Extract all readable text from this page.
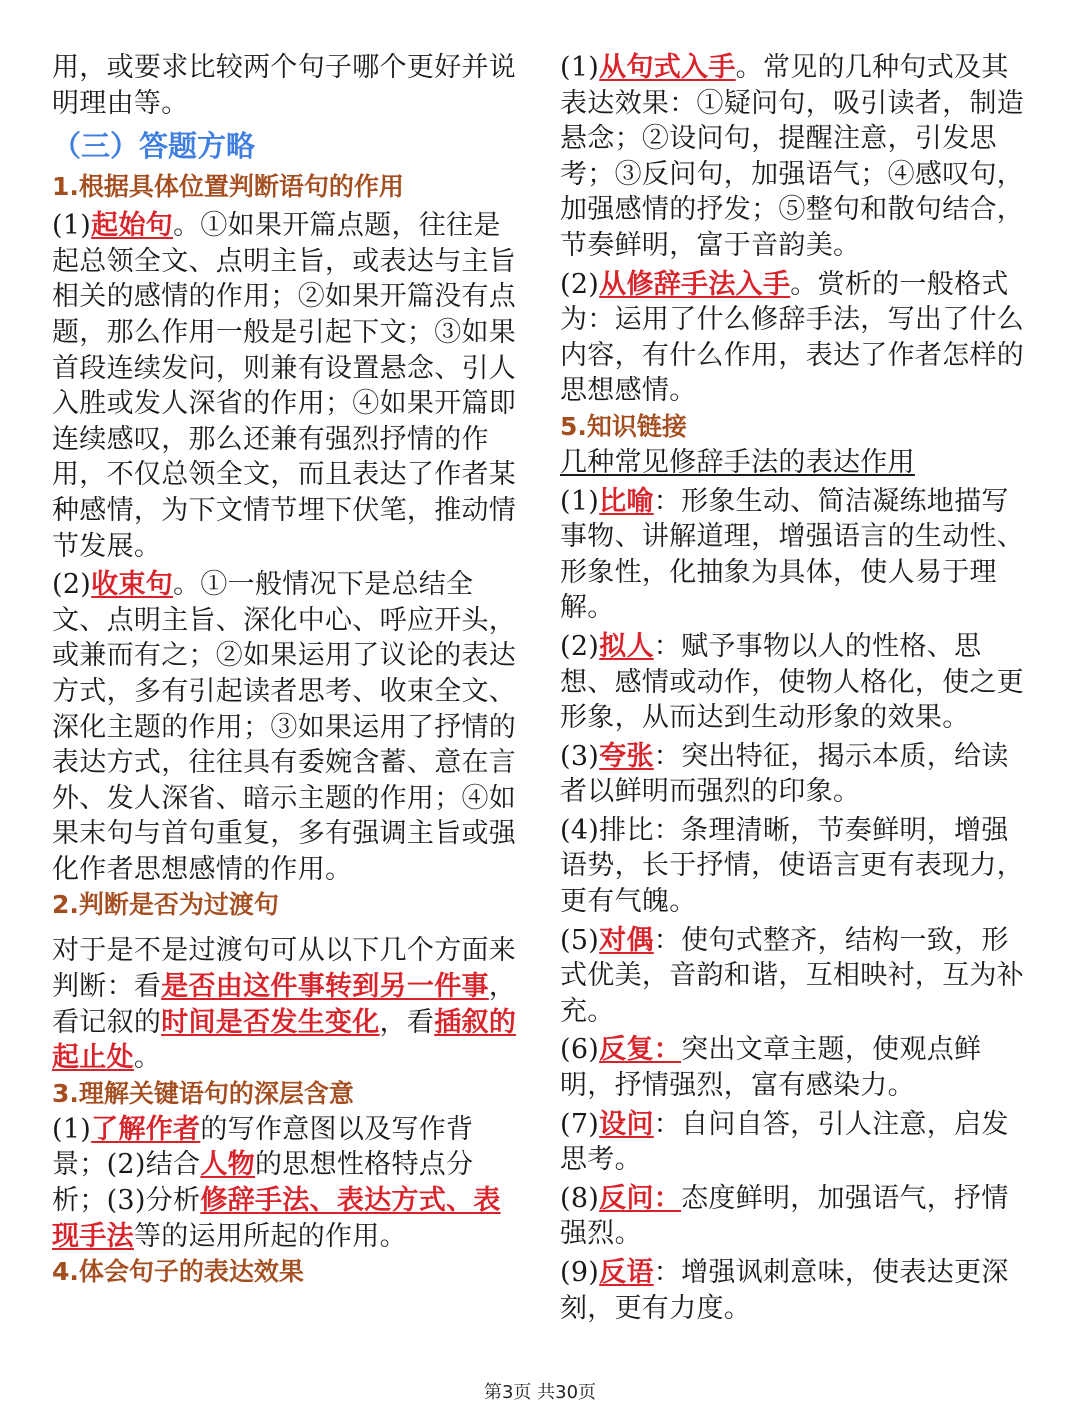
用，或要求比较两个句子哪个更好并说明理由等。

（三）答题方略

1.根据具体位置判断语句的作用

(1)起始句。①如果开篇点题，往往是起总领全文、点明主旨，或表达与主旨相关的感情的作用；②如果开篇没有点题，那么作用一般是引起下文；③如果首段连续发问，则兼有设置悬念、引人入胜或发人深省的作用；④如果开篇即连续感叹，那么还兼有强烈抒情的作用，不仅总领全文，而且表达了作者某种感情，为下文情节埋下伏笔，推动情节发展。

(2)收束句。①一般情况下是总结全文、点明主旨、深化中心、呼应开头，或兼而有之；②如果运用了议论的表达方式，多有引起读者思考、收束全文、深化主题的作用；③如果运用了抒情的表达方式，往往具有委婉含蓄、意在言外、发人深省、暗示主题的作用；④如果末句与首句重复，多有强调主旨或强化作者思想感情的作用。

2.判断是否为过渡句

对于是不是过渡句可从以下几个方面来判断：看是否由这件事转到另一件事，看记叙的时间是否发生变化，看插叙的起止处。

3.理解关键语句的深层含意

(1)了解作者的写作意图以及写作背景；(2)结合人物的思想性格特点分析；(3)分析修辞手法、表达方式、表现手法等的运用所起的作用。

4.体会句子的表达效果

(1)从句式入手。常见的几种句式及其表达效果：①疑问句，吸引读者，制造悬念；②设问句，提醒注意，引发思考；③反问句，加强语气；④感叹句，加强感情的抒发；⑤整句和散句结合，节奏鲜明，富于音韵美。

(2)从修辞手法入手。赏析的一般格式为：运用了什么修辞手法，写出了什么内容，有什么作用，表达了作者怎样的思想感情。

5.知识链接

几种常见修辞手法的表达作用

(1)比喻：形象生动、简洁凝练地描写事物、讲解道理，增强语言的生动性、形象性，化抽象为具体，使人易于理解。

(2)拟人：赋予事物以人的性格、思想、感情或动作，使物人格化，使之更形象，从而达到生动形象的效果。

(3)夸张：突出特征，揭示本质，给读者以鲜明而强烈的印象。

(4)排比：条理清晰，节奏鲜明，增强语势，长于抒情，使语言更有表现力，更有气魄。

(5)对偶：使句式整齐，结构一致，形式优美，音韵和谐，互相映衬，互为补充。

(6)反复：突出文章主题，使观点鲜明，抒情强烈，富有感染力。

(7)设问：自问自答，引人注意，启发思考。

(8)反问：态度鲜明，加强语气，抒情强烈。

(9)反语：增强讽刺意味，使表达更深刻，更有力度。

第3页 共30页
